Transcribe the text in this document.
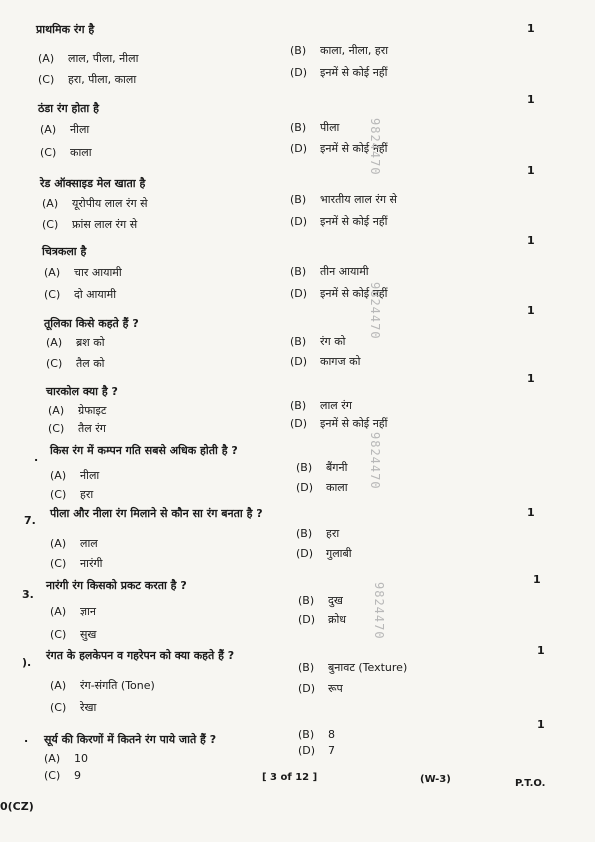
प्राथमिक रंग है	1
(A) लाल, पीला, नीला
(B) काला, नीला, हरा
(C) हरा, पीला, काला
(D) इनमें से कोई नहीं
ठंडा रंग होता है
1
(A) नीला	(B) पीला
(C) काला	(D) इनमें से कोई नहीं
रेड ऑक्साइड मेल खाता है
1
(A) यूरोपीय लाल रंग से	(B) भारतीय लाल रंग से
(C) फ्रांस लाल रंग से	(D) इनमें से कोई नहीं
चित्रकला है
1
(A) चार आयामी	(B) तीन आयामी
(C) दो आयामी	(D) इनमें से कोई नहीं
तूलिका किसे कहते हैं ?
1
(A) ब्रश को	(B) रंग को
(C) तैल को	(D) कागज को
चारकोल क्या है ?
1
(A) ग्रेफाइट	(B) लाल रंग
(C) तैल रंग	(D) इनमें से कोई नहीं
.
किस रंग में कम्पन गति सबसे अधिक होती है ?
(A) नीला
(B) बैंगनी
(C) हरा
(D) काला
1
7.
पीला और नीला रंग मिलाने से कौन सा रंग बनता है ?
(A) लाल
(B) हरा
(C) नारंगी
(D) गुलाबी
1
3.
नारंगी रंग किसको प्रकट करता है ?
(A) ज्ञान
(B) दुख
(C) सुख
(D) क्रोध
).
रंगत के हलकेपन व गहरेपन को क्या कहते हैं ?	1
(A) रंग-संगति (Tone)
(B) बुनावट (Texture)
(C) रेखा
(D) रूप
. सूर्य की किरणों में कितने रंग पाये जाते हैं ?
1
(A) 10
(B) 8
(C) 9
(D) 7
9824470
9824470
9824470
9824470
[ 3 of 12 ]	(W-3)	P.T.O.
0(CZ)
